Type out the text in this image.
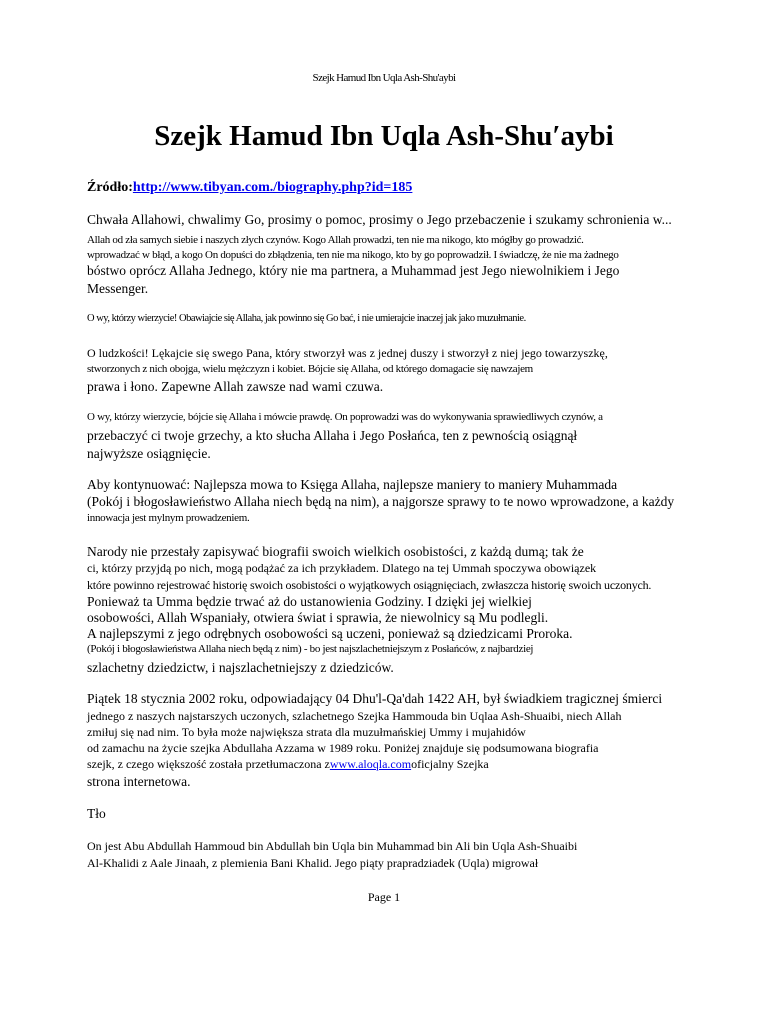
Szejk Hamud Ibn Uqla Ash-Shu'aybi
Szejk Hamud Ibn Uqla Ash-Shu′aybi
Źródło:http://www.tibyan.com./biography.php?id=185
Chwała Allahowi, chwalimy Go, prosimy o pomoc, prosimy o Jego przebaczenie i szukamy schronienia w...
Allah od zła samych siebie i naszych złych czynów. Kogo Allah prowadzi, ten nie ma nikogo, kto mógłby go prowadzić.
wprowadzać w błąd, a kogo On dopuści do zbłądzenia, ten nie ma nikogo, kto by go poprowadził. I świadczę, że nie ma żadnego
bóstwo oprócz Allaha Jednego, który nie ma partnera, a Muhammad jest Jego niewolnikiem i Jego
Messenger.
O wy, którzy wierzycie! Obawiajcie się Allaha, jak powinno się Go bać, i nie umierajcie inaczej jak jako muzułmanie.
O ludzkości! Lękajcie się swego Pana, który stworzył was z jednej duszy i stworzył z niej jego towarzyszkę,
stworzonych z nich obojga, wielu mężczyzn i kobiet. Bójcie się Allaha, od którego domagacie się nawzajem
prawa i łono. Zapewne Allah zawsze nad wami czuwa.
O wy, którzy wierzycie, bójcie się Allaha i mówcie prawdę. On poprowadzi was do wykonywania sprawiedliwych czynów, a
przebaczyć ci twoje grzechy, a kto słucha Allaha i Jego Posłańca, ten z pewnością osiągnął
najwyższe osiągnięcie.
Aby kontynuować: Najlepsza mowa to Księga Allaha, najlepsze maniery to maniery Muhammada
(Pokój i błogosławieństwo Allaha niech będą na nim), a najgorsze sprawy to te nowo wprowadzone, a każdy
innowacja jest mylnym prowadzeniem.
Narody nie przestały zapisywać biografii swoich wielkich osobistości, z każdą dumą; tak że
ci, którzy przyjdą po nich, mogą podążać za ich przykładem. Dlatego na tej Ummah spoczywa obowiązek
które powinno rejestrować historię swoich osobistości o wyjątkowych osiągnięciach, zwłaszcza historię swoich uczonych.
Ponieważ ta Umma będzie trwać aż do ustanowienia Godziny. I dzięki jej wielkiej
osobowości, Allah Wspaniały, otwiera świat i sprawia, że niewolnicy są Mu podlegli.
A najlepszymi z jego odrębnych osobowości są uczeni, ponieważ są dziedzicami Proroka.
(Pokój i błogosławieństwa Allaha niech będą z nim) - bo jest najszlachetniejszym z Posłańców, z najbardziej
szlachetny dziedzictw, i najszlachetniejszy z dziedziców.
Piątek 18 stycznia 2002 roku, odpowiadający 04 Dhu'l-Qa'dah 1422 AH, był świadkiem tragicznej śmierci
jednego z naszych najstarszych uczonych, szlachetnego Szejka Hammouda bin Uqlaa Ash-Shuaibi, niech Allah
zmiłuj się nad nim. To była może największa strata dla muzułmańskiej Ummy i mujahidów
od zamachu na życie szejka Abdullaha Azzama w 1989 roku. Poniżej znajduje się podsumowana biografia
szejk, z czego większość została przetłumaczona zwww.aloqla.comoficjalny Szejka
strona internetowa.
Tło
On jest Abu Abdullah Hammoud bin Abdullah bin Uqla bin Muhammad bin Ali bin Uqla Ash-Shuaibi
Al-Khalidi z Aale Jinaah, z plemienia Bani Khalid. Jego piąty prapradziadek (Uqla) migrował
Page 1
